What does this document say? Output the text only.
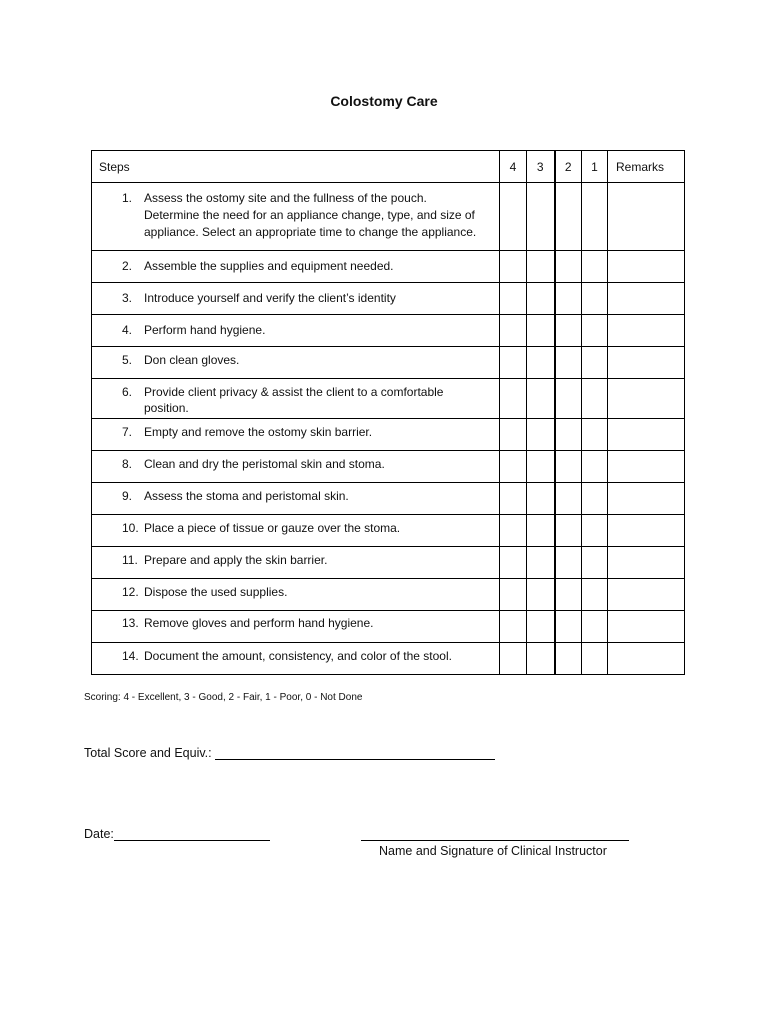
Colostomy Care
Steps	4	3	2	1	Remarks

1. Assess the ostomy site and the fullness of the pouch.
Determine the need for an appliance change, type, and size of
appliance. Select an appropriate time to change the appliance.					

2. Assemble the supplies and equipment needed.					

3. Introduce yourself and verify the client’s identity					

4. Perform hand hygiene.					

5. Don clean gloves.					

6. Provide client privacy & assist the client to a comfortable
position.					

7. Empty and remove the ostomy skin barrier.					

8. Clean and dry the peristomal skin and stoma.					

9. Assess the stoma and peristomal skin.					

10. Place a piece of tissue or gauze over the stoma.					

11. Prepare and apply the skin barrier.					

12. Dispose the used supplies.					

13. Remove gloves and perform hand hygiene.					

14. Document the amount, consistency, and color of the stool.					

Scoring: 4 - Excellent, 3 - Good, 2 - Fair, 1 - Poor, 0 - Not Done
Total Score and Equiv.:
Date:
Name and Signature of Clinical Instructor
